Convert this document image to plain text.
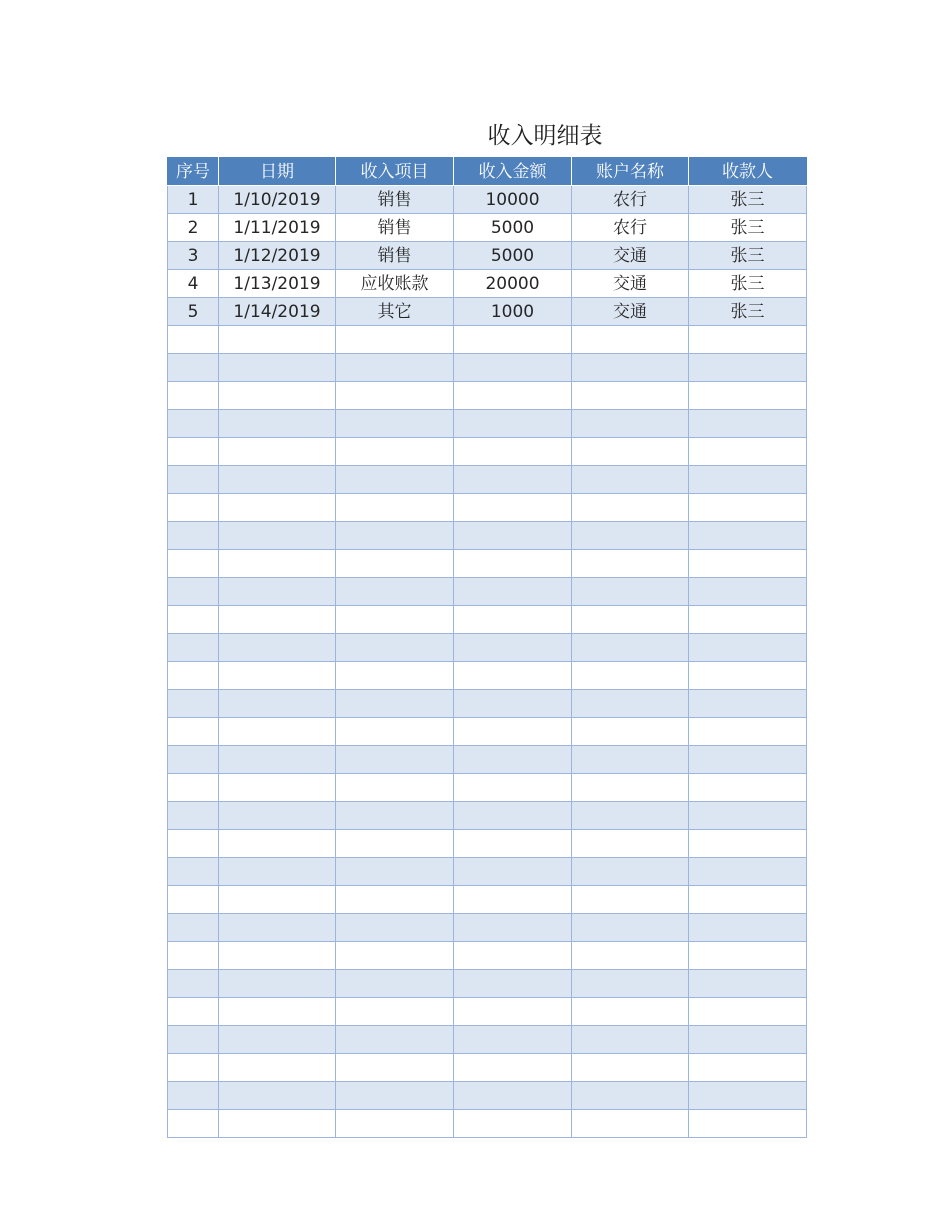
收入明细表
序号	日期	收入项目	收入金额	账户名称	收款人
1	1/10/2019	销售	10000	农行	张三
2	1/11/2019	销售	5000	农行	张三
3	1/12/2019	销售	5000	交通	张三
4	1/13/2019	应收账款	20000	交通	张三
5	1/14/2019	其它	1000	交通	张三
